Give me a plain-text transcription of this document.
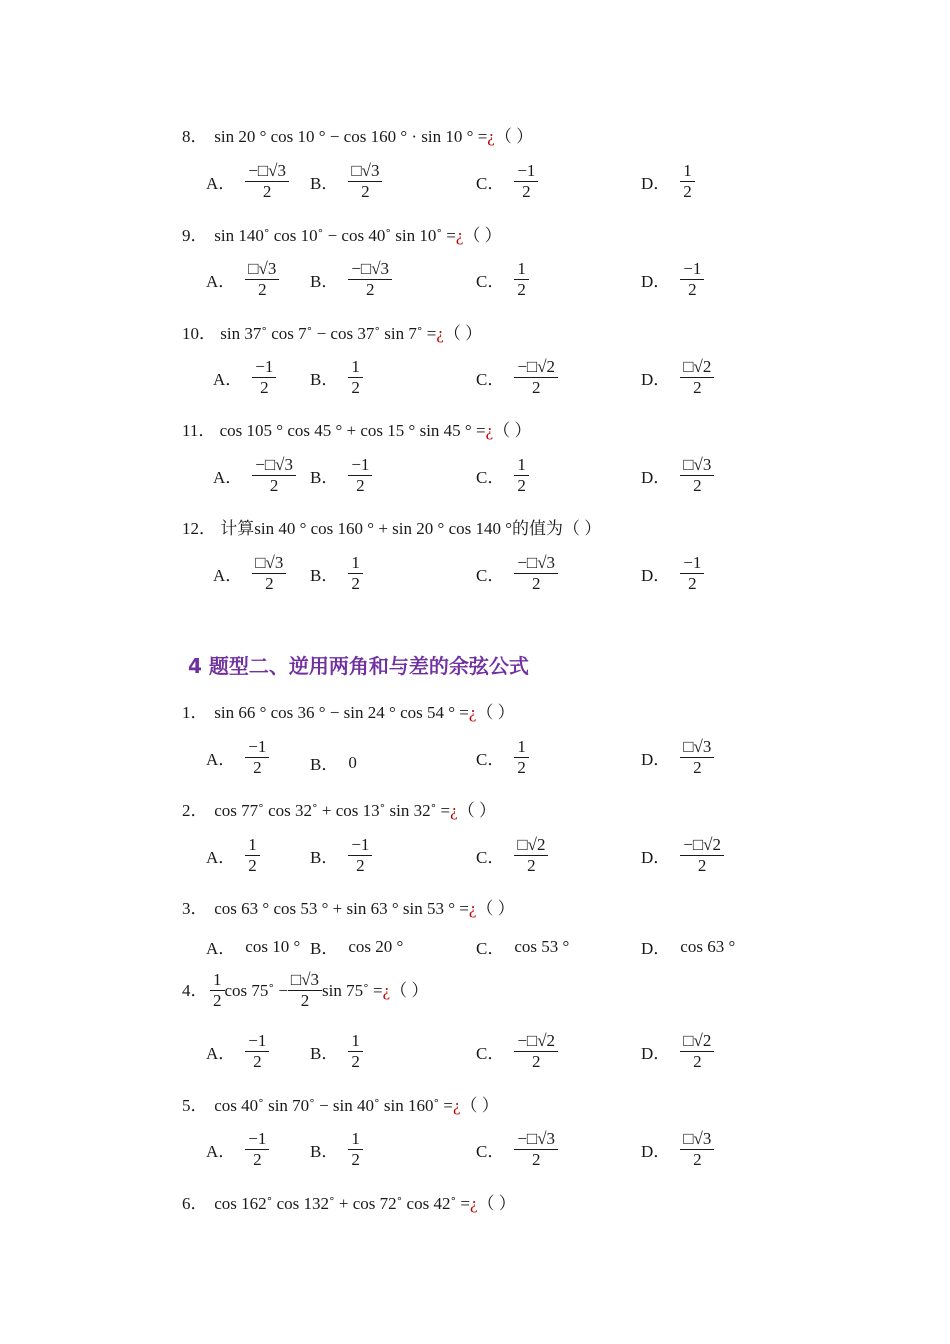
8． sin 20 ° cos 10 ° − cos 160 ° · sin 10 ° =¿（ ）
A． $\frac{-□√3}{2}$ B． $\frac{□√3}{2}$	C． $\frac{-1}{2}$	D． $\frac{1}{2}$
9． sin 140˚ cos 10˚ − cos 40˚ sin 10˚ =¿（ ）
A． $\frac{□√3}{2}$ B． $\frac{-□√3}{2}$	C． $\frac{1}{2}$	D． $\frac{-1}{2}$
10． sin 37˚ cos 7˚ − cos 37˚ sin 7˚ =¿（ ）
A． $\frac{-1}{2}$ B． $\frac{1}{2}$	C． $\frac{-□√2}{2}$	D． $\frac{□√2}{2}$
11． cos 105 ° cos 45 ° + cos 15 ° sin 45 ° =¿（ ）
A． $\frac{-□√3}{2}$ B． $\frac{-1}{2}$	C． $\frac{1}{2}$	D． $\frac{□√3}{2}$
12． 计算sin 40 ° cos 160 ° + sin 20 ° cos 140 °的值为（ ）
A． $\frac{□√3}{2}$ B． $\frac{1}{2}$	C． $\frac{-□√3}{2}$	D． $\frac{-1}{2}$
4 题型二、逆用两角和与差的余弦公式
1． sin 66 ° cos 36 ° − sin 24 ° cos 54 ° =¿（ ）
A． $\frac{-1}{2}$ B． 0	C． $\frac{1}{2}$	D． $\frac{□√3}{2}$
2． cos 77˚ cos 32˚ + cos 13˚ sin 32˚ =¿（ ）
A． $\frac{1}{2}$	B． $\frac{-1}{2}$	C． $\frac{□√2}{2}$	D． $\frac{-□√2}{2}$
3． cos 63 ° cos 53 ° + sin 63 ° sin 53 ° =¿（ ）
A． cos 10 ° B． cos 20 °	C． cos 53 °	D． cos 63 °
4． $\frac{1}{2}$ cos 75˚ − $\frac{□√3}{2}$ sin 75˚ = ¿ （ ）
A． $\frac{-1}{2}$ B． $\frac{1}{2}$	C． $\frac{-□√2}{2}$	D． $\frac{□√2}{2}$
5． cos 40˚ sin 70˚ − sin 40˚ sin 160˚ =¿（ ）
A． $\frac{-1}{2}$ B． $\frac{1}{2}$	C． $\frac{-□√3}{2}$	D． $\frac{□√3}{2}$
6． cos 162˚ cos 132˚ + cos 72˚ cos 42˚ =¿（ ）
